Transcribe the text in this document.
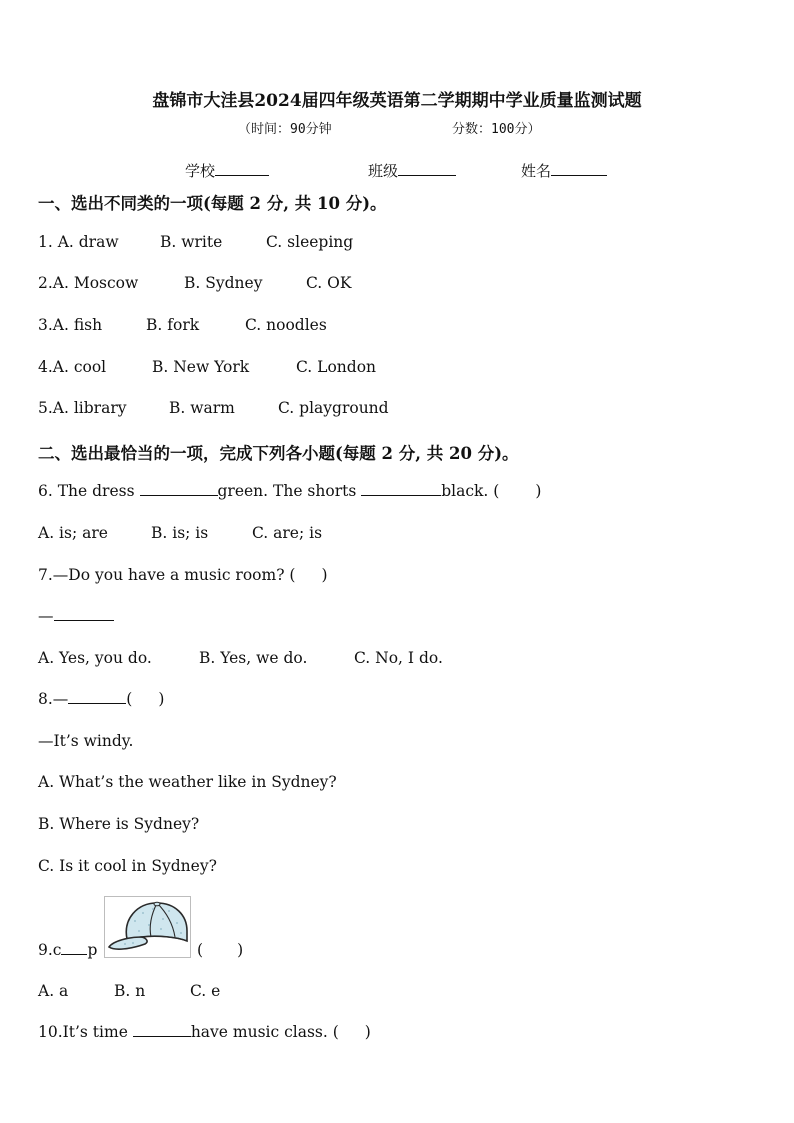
盘锦市大洼县2024届四年级英语第二学期期中学业质量监测试题
（时间：90分钟	分数：100分）
学校	班级	姓名
一、选出不同类的一项(每题 2 分, 共 10 分)。
1. A. draw	B. write	C. sleeping
2.A. Moscow	B. Sydney	C. OK
3.A. fish	B. fork	C. noodles
4.A. cool	B. New York	C. London
5.A. library	B. warm	C. playground
二、选出最恰当的一项，完成下列各小题(每题 2 分, 共 20 分)。
6. The dress	green. The shorts	black. ( )
A. is; are	B. is; is	C. are; is
7.—Do you have a music room? ( )
—
A. Yes, you do.	B. Yes, we do.	C. No, I do.
8.—	( )
—It’s windy.
A. What’s the weather like in Sydney?
B. Where is Sydney?
C. Is it cool in Sydney?
9.c p	( )
A. a	B. n	C. e
10.It’s time	have music class. ( )
